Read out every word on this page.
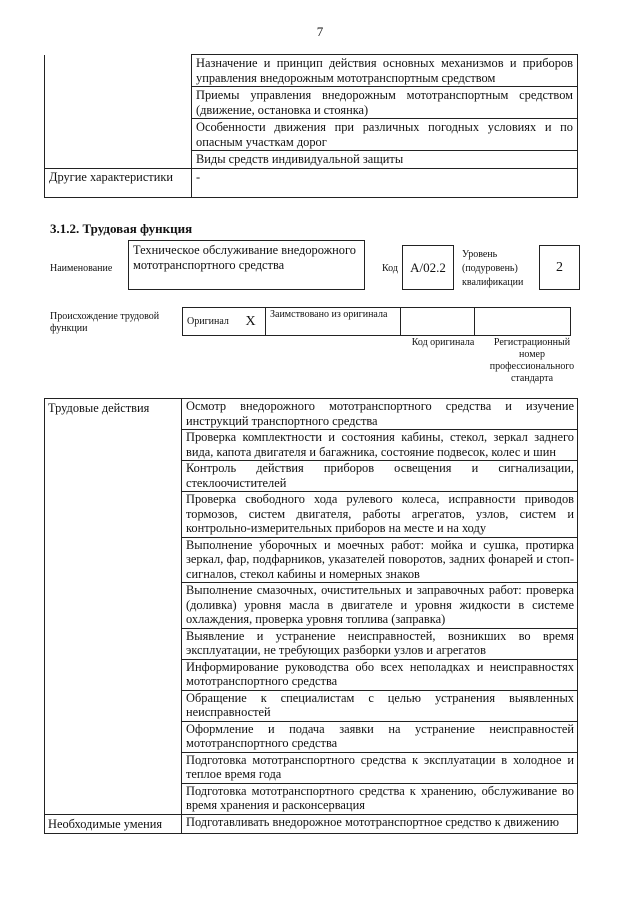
7
	Назначение и принцип действия основных механизмов и приборов управления внедорожным мототранспортным средством
	Приемы управления внедорожным мототранспортным средством (движение, остановка и стоянка)
	Особенности движения при различных погодных условиях и по опасным участкам дорог
	Виды средств индивидуальной защиты
Другие характеристики	-
3.1.2. Трудовая функция
Наименование
Техническое обслуживание внедорожного мототранспортного средства	Код A/02.2
Уровень (подуровень) квалификации
2
Происхождение трудовой функции
Оригинал	X	Заимствовано из оригинала		
Код оригинала	Регистрационный номер профессионального стандарта
Трудовые действия	Осмотр внедорожного мототранспортного средства и изучение инструкций транспортного средства
	Проверка комплектности и состояния кабины, стекол, зеркал заднего вида, капота двигателя и багажника, состояние подвесок, колес и шин
	Контроль действия приборов освещения и сигнализации, стеклоочистителей
	Проверка свободного хода рулевого колеса, исправности приводов тормозов, систем двигателя, работы агрегатов, узлов, систем и контрольно-измерительных приборов на месте и на ходу
	Выполнение уборочных и моечных работ: мойка и сушка, протирка зеркал, фар, подфарников, указателей поворотов, задних фонарей и стоп-сигналов, стекол кабины и номерных знаков
	Выполнение смазочных, очистительных и заправочных работ: проверка (доливка) уровня масла в двигателе и уровня жидкости в системе охлаждения, проверка уровня топлива (заправка)
	Выявление и устранение неисправностей, возникших во время эксплуатации, не требующих разборки узлов и агрегатов
	Информирование руководства обо всех неполадках и неисправностях мототранспортного средства
	Обращение к специалистам с целью устранения выявленных неисправностей
	Оформление и подача заявки на устранение неисправностей мототранспортного средства
	Подготовка мототранспортного средства к эксплуатации в холодное и теплое время года
	Подготовка мототранспортного средства к хранению, обслуживание во время хранения и расконсервация
Необходимые умения	Подготавливать внедорожное мототранспортное средство к движению
